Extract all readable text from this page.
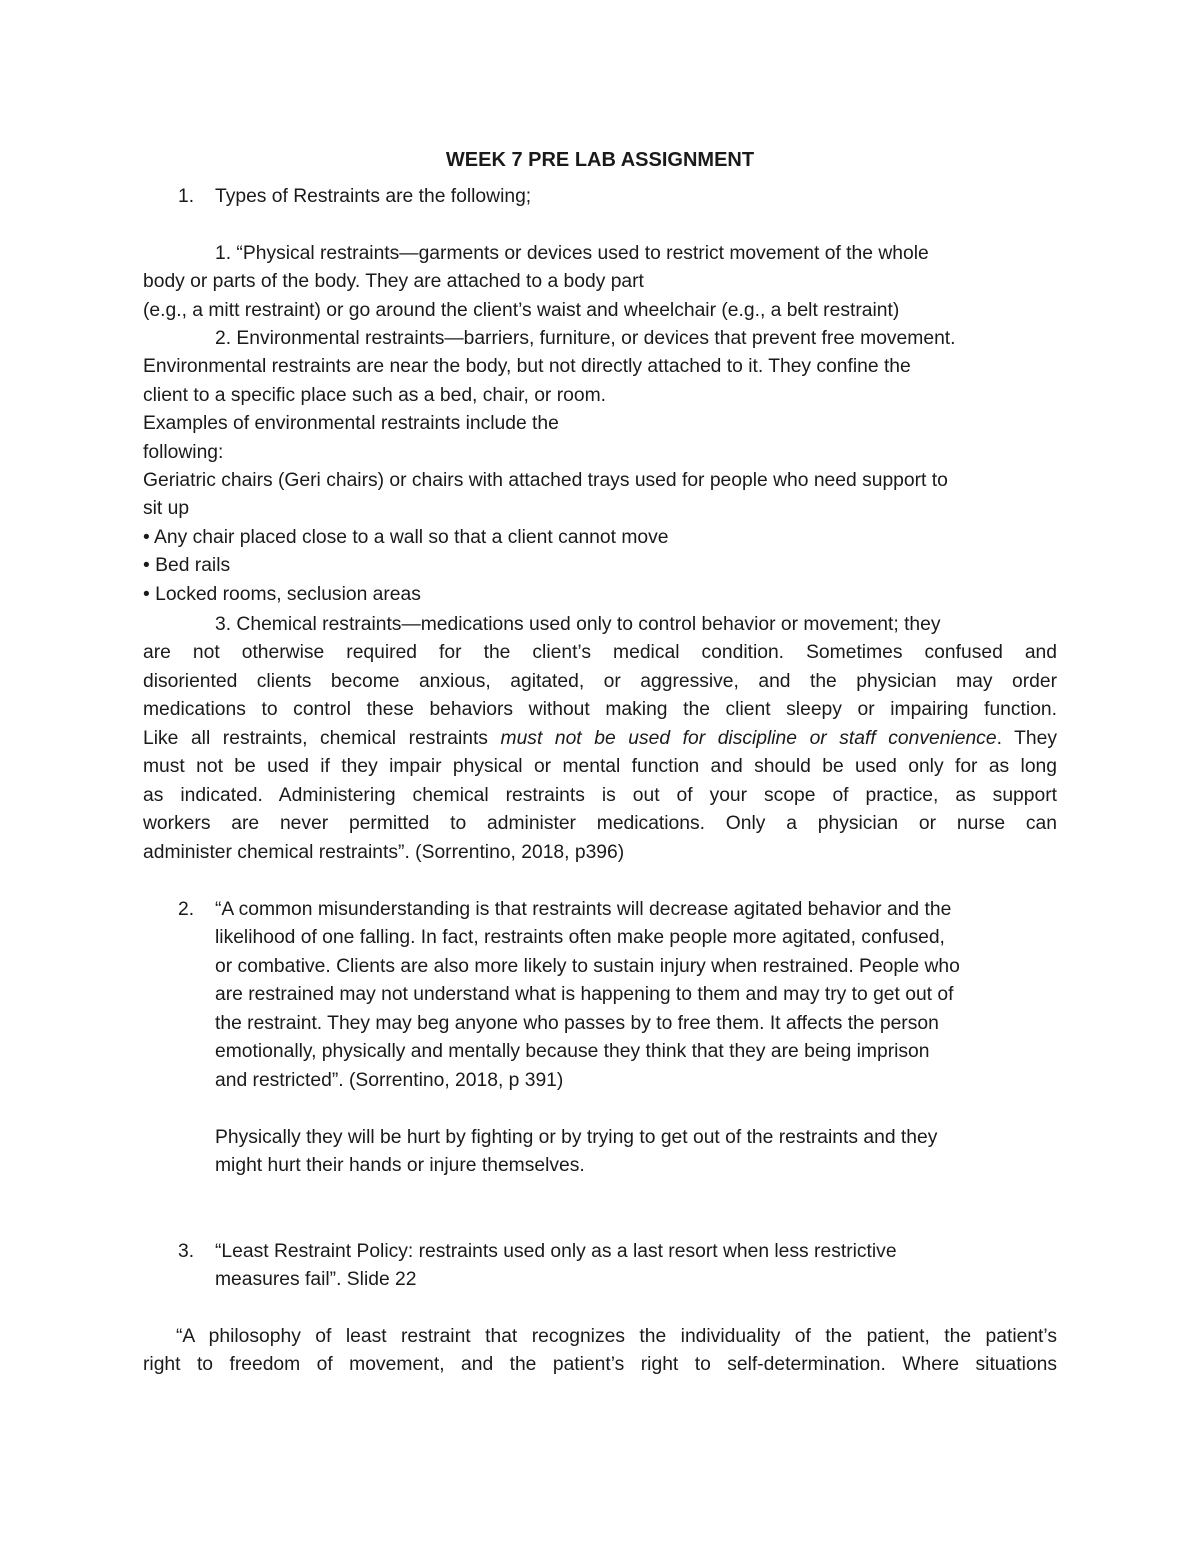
WEEK 7 PRE LAB ASSIGNMENT
1. Types of Restraints are the following;
1. “Physical restraints—garments or devices used to restrict movement of the whole
body or parts of the body. They are attached to a body part
(e.g., a mitt restraint) or go around the client’s waist and wheelchair (e.g., a belt restraint)
2. Environmental restraints—barriers, furniture, or devices that prevent free movement.
Environmental restraints are near the body, but not directly attached to it. They confine the
client to a specific place such as a bed, chair, or room.
Examples of environmental restraints include the
following:
Geriatric chairs (Geri chairs) or chairs with attached trays used for people who need support to
sit up
• Any chair placed close to a wall so that a client cannot move
• Bed rails
• Locked rooms, seclusion areas
3. Chemical restraints—medications used only to control behavior or movement; they
are not otherwise required for the client’s medical condition. Sometimes confused and
disoriented clients become anxious, agitated, or aggressive, and the physician may order
medications to control these behaviors without making the client sleepy or impairing function.
Like all restraints, chemical restraints must not be used for discipline or staff convenience. They
must not be used if they impair physical or mental function and should be used only for as long
as indicated. Administering chemical restraints is out of your scope of practice, as support
workers are never permitted to administer medications. Only a physician or nurse can
administer chemical restraints”. (Sorrentino, 2018, p396)
2. “A common misunderstanding is that restraints will decrease agitated behavior and the
likelihood of one falling. In fact, restraints often make people more agitated, confused,
or combative. Clients are also more likely to sustain injury when restrained. People who
are restrained may not understand what is happening to them and may try to get out of
the restraint. They may beg anyone who passes by to free them. It affects the person
emotionally, physically and mentally because they think that they are being imprison
and restricted”. (Sorrentino, 2018, p 391)
Physically they will be hurt by fighting or by trying to get out of the restraints and they
might hurt their hands or injure themselves.
3. “Least Restraint Policy: restraints used only as a last resort when less restrictive
measures fail”. Slide 22
“A philosophy of least restraint that recognizes the individuality of the patient, the patient’s
right to freedom of movement, and the patient’s right to self-determination. Where situations
